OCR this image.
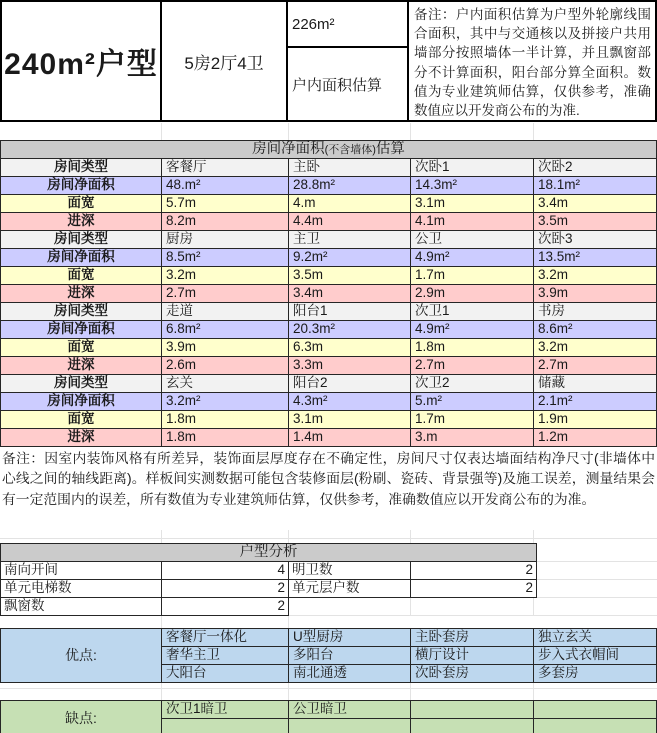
240m²户型	5房2厅4卫
226m²
户内面积估算
备注：户内面积估算为户型外轮廓线围合面积，其中与交通核以及拼接户共用墙部分按照墙体一半计算，并且飘窗部分不计算面积，阳台部分算全面积。数值为专业建筑师估算，仅供参考，准确数值应以开发商公布的为准.
房间净面积(不含墙体)估算
房间类型	客餐厅	主卧	次卧1	次卧2
房间净面积	48.m²	28.8m²	14.3m²	18.1m²
面宽	5.7m	4.m	3.1m	3.4m
进深	8.2m	4.4m	4.1m	3.5m
房间类型	厨房	主卫	公卫	次卧3
房间净面积	8.5m²	9.2m²	4.9m²	13.5m²
面宽	3.2m	3.5m	1.7m	3.2m
进深	2.7m	3.4m	2.9m	3.9m
房间类型	走道	阳台1	次卫1	书房
房间净面积	6.8m²	20.3m²	4.9m²	8.6m²
面宽	3.9m	6.3m	1.8m	3.2m
进深	2.6m	3.3m	2.7m	2.7m
房间类型	玄关	阳台2	次卫2	储藏
房间净面积	3.2m²	4.3m²	5.m²	2.1m²
面宽	1.8m	3.1m	1.7m	1.9m
进深	1.8m	1.4m	3.m	1.2m
备注：因室内装饰风格有所差异，装饰面层厚度存在不确定性，房间尺寸仅表达墙面结构净尺寸(非墙体中心线之间的轴线距离)。样板间实测数据可能包含装修面层(粉刷、瓷砖、背景强等)及施工误差，测量结果会有一定范围内的误差，所有数值为专业建筑师估算，仅供参考，准确数值应以开发商公布的为准。
户型分析
南向开间	4 明卫数	2
单元电梯数	2 单元层户数	2
飘窗数	2
优点:
客餐厅一体化	U型厨房	主卧套房	独立玄关
奢华主卫	多阳台	横厅设计	步入式衣帽间
大阳台	南北通透	次卧套房	多套房
缺点:
次卫1暗卫	公卫暗卫
